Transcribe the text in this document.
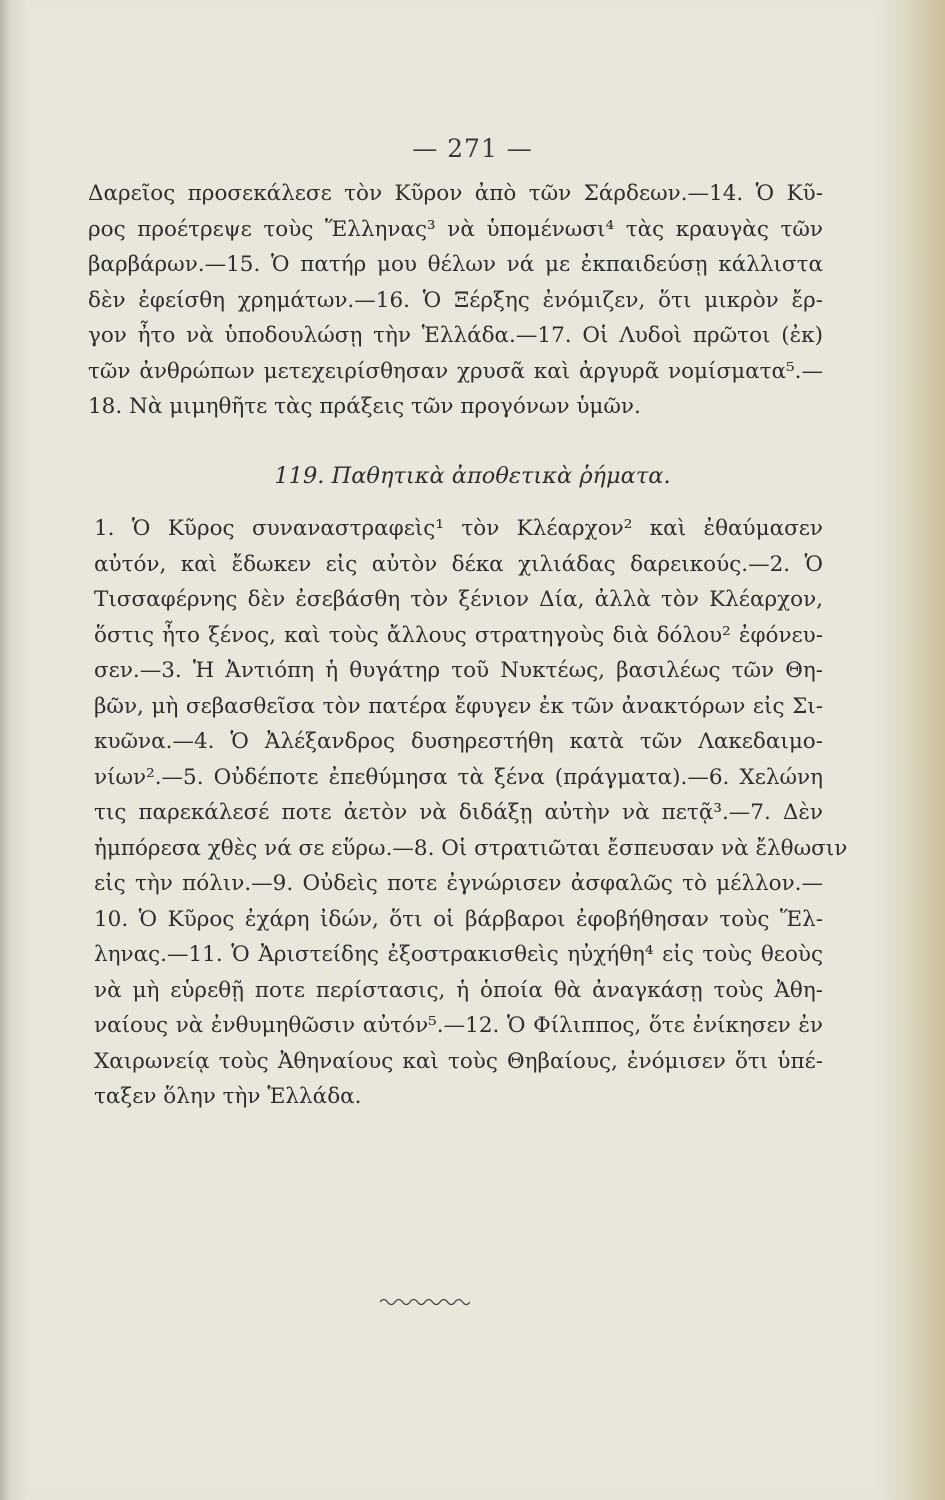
— 271 —
Δαρεῖος προσεκάλεσε τὸν Κῦρον ἀπὸ τῶν Σάρδεων.—14. Ὁ Κῦ-
ρος προέτρεψε τοὺς Ἕλληνας³ νὰ ὑπομένωσι⁴ τὰς κραυγὰς τῶν
βαρβάρων.—15. Ὁ πατήρ μου θέλων νά με ἐκπαιδεύσῃ κάλλιστα
δὲν ἐφείσθη χρημάτων.—16. Ὁ Ξέρξης ἐνόμιζεν, ὅτι μικρὸν ἔρ-
γον ἦτο νὰ ὑποδουλώσῃ τὴν Ἑλλάδα.—17. Οἱ Λυδοὶ πρῶτοι (ἐκ)
τῶν ἀνθρώπων μετεχειρίσθησαν χρυσᾶ καὶ ἀργυρᾶ νομίσματα⁵.—
18. Νὰ μιμηθῆτε τὰς πράξεις τῶν προγόνων ὑμῶν.
119. Παθητικὰ ἀποθετικὰ ῥήματα.
1. Ὁ Κῦρος συναναστραφεὶς¹ τὸν Κλέαρχον² καὶ ἐθαύμασεν
αὐτόν, καὶ ἔδωκεν εἰς αὐτὸν δέκα χιλιάδας δαρεικούς.—2. Ὁ
Τισσαφέρνης δὲν ἐσεβάσθη τὸν ξένιον Δία, ἀλλὰ τὸν Κλέαρχον,
ὅστις ἦτο ξένος, καὶ τοὺς ἄλλους στρατηγοὺς διὰ δόλου² ἐφόνευ-
σεν.—3. Ἡ Ἀντιόπη ἡ θυγάτηρ τοῦ Νυκτέως, βασιλέως τῶν Θη-
βῶν, μὴ σεβασθεῖσα τὸν πατέρα ἔφυγεν ἐκ τῶν ἀνακτόρων εἰς Σι-
κυῶνα.—4. Ὁ Ἀλέξανδρος δυσηρεστήθη κατὰ τῶν Λακεδαιμο-
νίων².—5. Οὐδέποτε ἐπεθύμησα τὰ ξένα (πράγματα).—6. Χελώνη
τις παρεκάλεσέ ποτε ἀετὸν νὰ διδάξῃ αὐτὴν νὰ πετᾷ³.—7. Δὲν
ἠμπόρεσα χθὲς νά σε εὕρω.—8. Οἱ στρατιῶται ἔσπευσαν νὰ ἔλθωσιν
εἰς τὴν πόλιν.—9. Οὐδεὶς ποτε ἐγνώρισεν ἀσφαλῶς τὸ μέλλον.—
10. Ὁ Κῦρος ἐχάρη ἰδών, ὅτι οἱ βάρβαροι ἐφοβήθησαν τοὺς Ἕλ-
ληνας.—11. Ὁ Ἀριστείδης ἐξοστρακισθεὶς ηὐχήθη⁴ εἰς τοὺς θεοὺς
νὰ μὴ εὑρεθῇ ποτε περίστασις, ἡ ὁποία θὰ ἀναγκάσῃ τοὺς Ἀθη-
ναίους νὰ ἐνθυμηθῶσιν αὐτόν⁵.—12. Ὁ Φίλιππος, ὅτε ἐνίκησεν ἐν
Χαιρωνείᾳ τοὺς Ἀθηναίους καὶ τοὺς Θηβαίους, ἐνόμισεν ὅτι ὑπέ-
ταξεν ὅλην τὴν Ἑλλάδα.
